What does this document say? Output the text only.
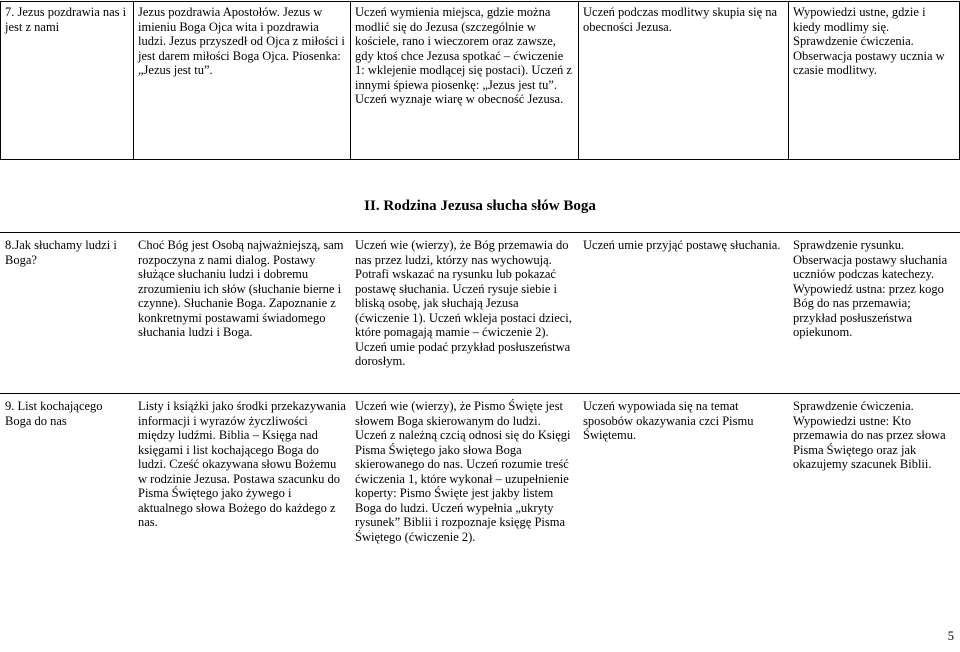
7. Jezus pozdrawia nas i jest z nami
Jezus pozdrawia Apostołów. Jezus w imieniu Boga Ojca wita i pozdrawia ludzi. Jezus przyszedł od Ojca z miłości i jest darem miłości Boga Ojca. Piosenka: „Jezus jest tu”.
Uczeń wymienia miejsca, gdzie można modlić się do Jezusa (szczególnie w kościele, rano i wieczorem oraz zawsze, gdy ktoś chce Jezusa spotkać – ćwiczenie 1: wklejenie modlącej się postaci). Uczeń z innymi śpiewa piosenkę: „Jezus jest tu”. Uczeń wyznaje wiarę w obecność Jezusa.
Uczeń podczas modlitwy skupia się na obecności Jezusa.
Wypowiedzi ustne, gdzie i kiedy modlimy się. Sprawdzenie ćwiczenia. Obserwacja postawy ucznia w czasie modlitwy.
II. Rodzina Jezusa słucha słów Boga
8.Jak słuchamy ludzi i Boga?
Choć Bóg jest Osobą najważniejszą, sam rozpoczyna z nami dialog. Postawy służące słuchaniu ludzi i dobremu zrozumieniu ich słów (słuchanie bierne i czynne). Słuchanie Boga. Zapoznanie z konkretnymi postawami świadomego słuchania ludzi i Boga.
Uczeń wie (wierzy), że Bóg przemawia do nas przez ludzi, którzy nas wychowują. Potrafi wskazać na rysunku lub pokazać postawę słuchania. Uczeń rysuje siebie i bliską osobę, jak słuchają Jezusa (ćwiczenie 1). Uczeń wkleja postaci dzieci, które pomagają mamie – ćwiczenie 2). Uczeń umie podać przykład posłuszeństwa dorosłym.
Uczeń umie przyjąć postawę słuchania.	Sprawdzenie rysunku. Obserwacja postawy słuchania uczniów podczas katechezy. Wypowiedź ustna: przez kogo Bóg do nas przemawia; przykład posłuszeństwa opiekunom.
9. List kochającego Boga do nas
Listy i książki jako środki przekazywania informacji i wyrazów życzliwości między ludźmi. Biblia – Księga nad księgami i list kochającego Boga do ludzi. Cześć okazywana słowu Bożemu w rodzinie Jezusa. Postawa szacunku do Pisma Świętego jako żywego i aktualnego słowa Bożego do każdego z nas.
Uczeń wie (wierzy), że Pismo Święte jest słowem Boga skierowanym do ludzi. Uczeń z należną czcią odnosi się do Księgi Pisma Świętego jako słowa Boga skierowanego do nas. Uczeń rozumie treść ćwiczenia 1, które wykonał – uzupełnienie koperty: Pismo Święte jest jakby listem Boga do ludzi. Uczeń wypełnia „ukryty rysunek” Biblii i rozpoznaje księgę Pisma Świętego (ćwiczenie 2).
Uczeń wypowiada się na temat sposobów okazywania czci Pismu Świętemu.
Sprawdzenie ćwiczenia. Wypowiedzi ustne: Kto przemawia do nas przez słowa Pisma Świętego oraz jak okazujemy szacunek Biblii.
5
